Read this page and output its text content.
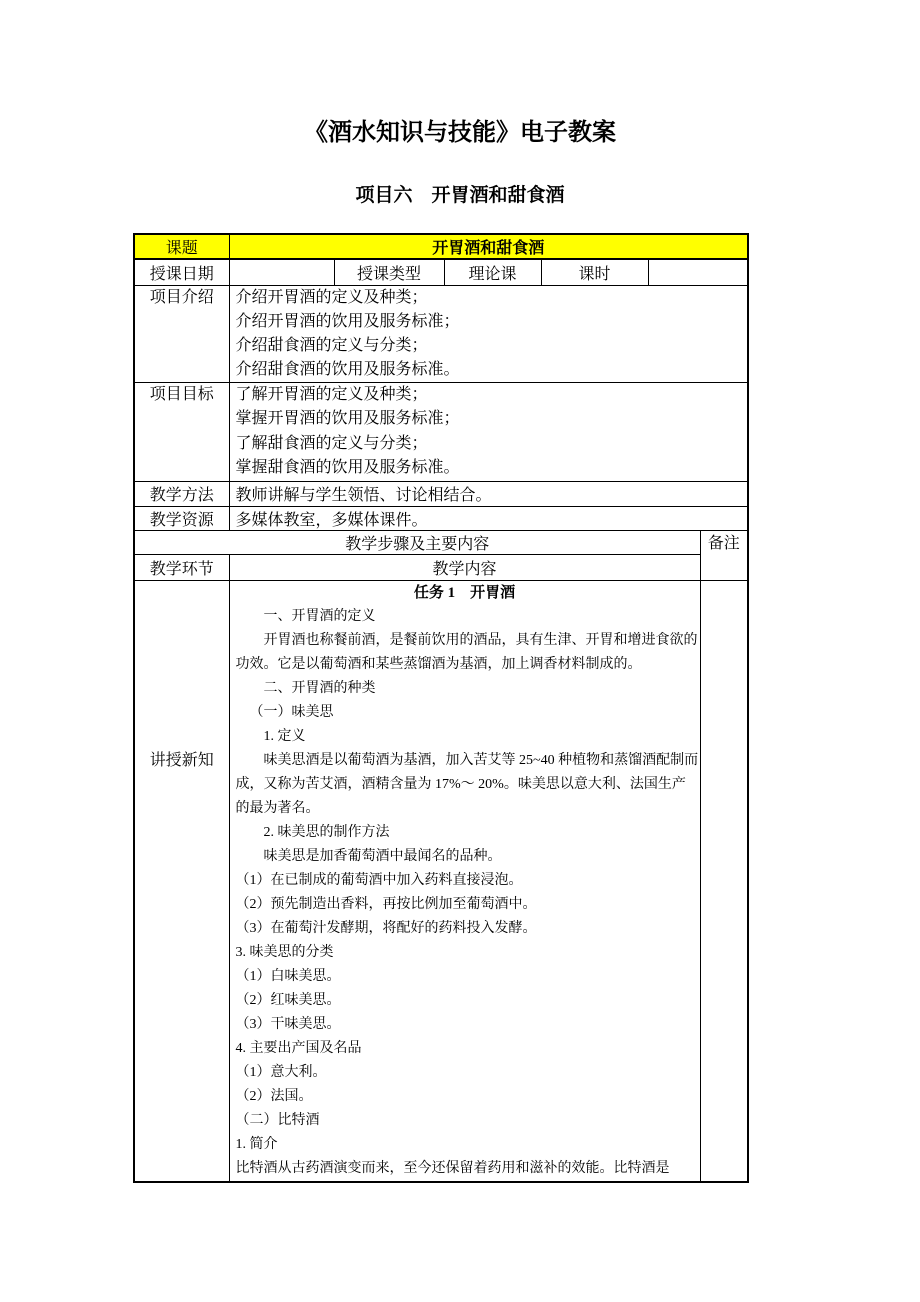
《酒水知识与技能》电子教案
项目六　开胃酒和甜食酒
课题	开胃酒和甜食酒					
授课日期		授课类型	理论课	课时		
项目介绍	介绍开胃酒的定义及种类；
介绍开胃酒的饮用及服务标准；
介绍甜食酒的定义与分类；
介绍甜食酒的饮用及服务标准。					

项目目标	了解开胃酒的定义及种类；
掌握开胃酒的饮用及服务标准；
了解甜食酒的定义与分类；
掌握甜食酒的饮用及服务标准。					

教学方法	教师讲解与学生领悟、讨论相结合。					
教学资源	多媒体教室，多媒体课件。					
教学步骤及主要内容						备注
教学环节	教学内容					
讲授新知	
任务 1　开胃酒
一、开胃酒的定义
开胃酒也称餐前酒，是餐前饮用的酒品，具有生津、开胃和增进食欲的
功效。它是以葡萄酒和某些蒸馏酒为基酒，加上调香材料制成的。
二、开胃酒的种类
（一）味美思
1. 定义
味美思酒是以葡萄酒为基酒，加入苦艾等 25~40 种植物和蒸馏酒配制而
成，又称为苦艾酒，酒精含量为 17%～ 20%。味美思以意大利、法国生产
的最为著名。
2. 味美思的制作方法
味美思是加香葡萄酒中最闻名的品种。
（1）在已制成的葡萄酒中加入药料直接浸泡。
（2）预先制造出香料，再按比例加至葡萄酒中。
（3）在葡萄汁发酵期，将配好的药料投入发酵。
3. 味美思的分类
（1）白味美思。
（2）红味美思。
（3）干味美思。
4. 主要出产国及名品
（1）意大利。
（2）法国。
（二）比特酒
1. 简介
比特酒从古药酒演变而来，至今还保留着药用和滋补的效能。比特酒是
